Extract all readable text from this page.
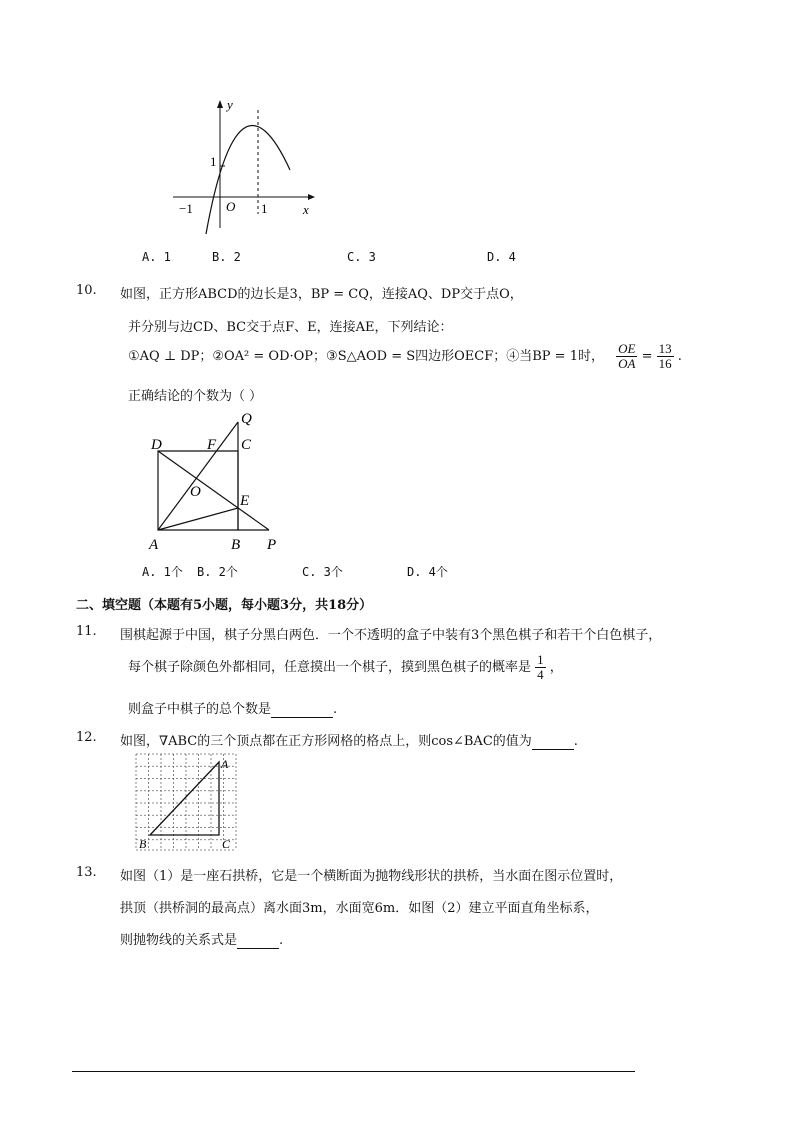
y
x
O
−1	1
1
A. 1	B. 2	C. 3	D. 4
10. 如图，正方形ABCD的边长是3，BP = CQ，连接AQ、DP交于点O，
并分别与边CD、BC交于点F、E，连接AE，下列结论：
①AQ ⊥ DP；②OA² = OD·OP；③S△AOD = S四边形OECF；④当BP = 1时， $\frac{OE}{OA} = \frac{13}{16}$ .
正确结论的个数为（ ）
Q
D	F C
O
E
A	B P
A. 1个 B. 2个	C. 3个	D. 4个
二、填空题（本题有5小题，每小题3分，共18分）
11. 围棋起源于中国，棋子分黑白两色．一个不透明的盒子中装有3个黑色棋子和若干个白色棋子，
每个棋子除颜色外都相同，任意摸出一个棋子，摸到黑色棋子的概率是 $\frac{1}{4}$ ，
则盒子中棋子的总个数是	.
12. 如图，∇ABC的三个顶点都在正方形网格的格点上，则cos∠BAC的值为	.
A
B	C
13. 如图（1）是一座石拱桥，它是一个横断面为抛物线形状的拱桥，当水面在图示位置时，
拱顶（拱桥洞的最高点）离水面3m，水面宽6m．如图（2）建立平面直角坐标系，
则抛物线的关系式是	.
